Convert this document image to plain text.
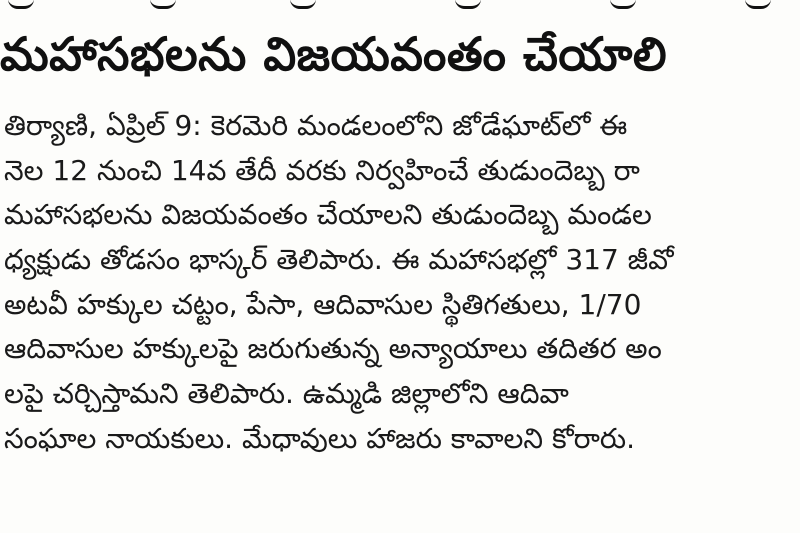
మహాసభలను విజయవంతం చేయాలి
తిర్యాణి, ఏప్రిల్ 9: కెరమెరి మండలంలోని జోడేఘాట్‌లో ఈ
నెల 12 నుంచి 14వ తేదీ వరకు నిర్వహించే తుడుందెబ్బ రా
మహాసభలను విజయవంతం చేయాలని తుడుందెబ్బ మండల
ధ్యక్షుడు తోడసం భాస్కర్ తెలిపారు. ఈ మహాసభల్లో 317 జీవో
అటవీ హక్కుల చట్టం, పేసా, ఆదివాసుల స్థితిగతులు, 1/70
ఆదివాసుల హక్కులపై జరుగుతున్న అన్యాయాలు తదితర అం
లపై చర్చిస్తామని తెలిపారు. ఉమ్మడి జిల్లాలోని ఆదివా
సంఘాల నాయకులు. మేధావులు హాజరు కావాలని కోరారు.
